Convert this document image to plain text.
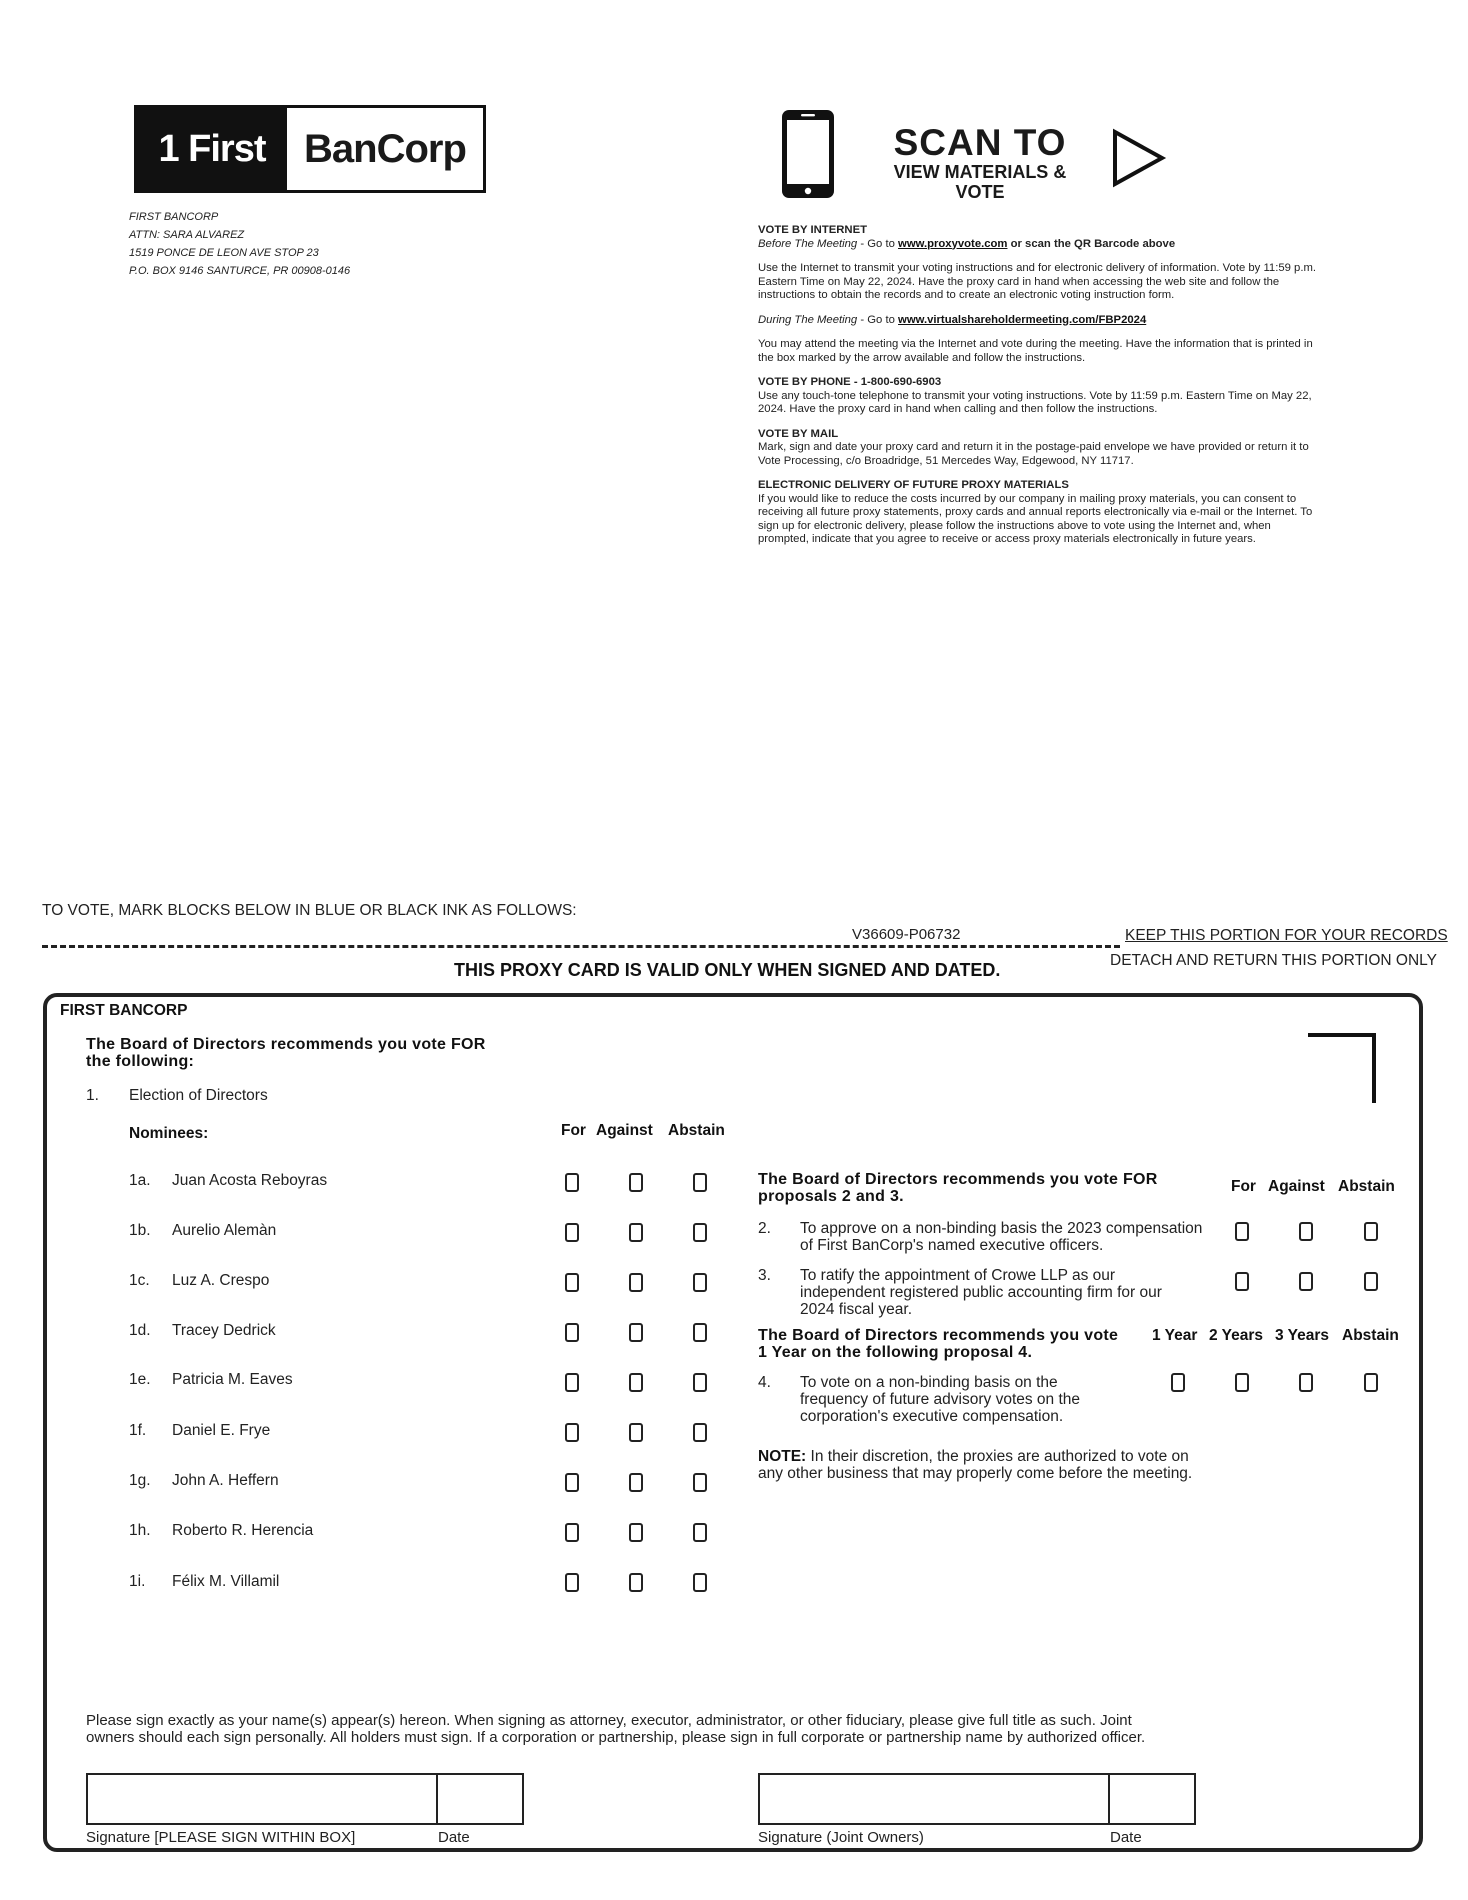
1 First BanCorp
FIRST BANCORP
ATTN: SARA ALVAREZ
1519 PONCE DE LEON AVE STOP 23
P.O. BOX 9146 SANTURCE, PR 00908-0146
SCAN TO
VIEW MATERIALS & VOTE

VOTE BY INTERNET

Before The Meeting - Go to www.proxyvote.com or scan the QR Barcode above

Use the Internet to transmit your voting instructions and for electronic delivery of information. Vote by 11:59 p.m. Eastern Time on May 22, 2024. Have the proxy card in hand when accessing the web site and follow the instructions to obtain the records and to create an electronic voting instruction form.

During The Meeting - Go to www.virtualshareholdermeeting.com/FBP2024

You may attend the meeting via the Internet and vote during the meeting. Have the information that is printed in the box marked by the arrow available and follow the instructions.

VOTE BY PHONE - 1-800-690-6903

Use any touch-tone telephone to transmit your voting instructions. Vote by 11:59 p.m. Eastern Time on May 22, 2024. Have the proxy card in hand when calling and then follow the instructions.

VOTE BY MAIL

Mark, sign and date your proxy card and return it in the postage-paid envelope we have provided or return it to Vote Processing, c/o Broadridge, 51 Mercedes Way, Edgewood, NY 11717.

ELECTRONIC DELIVERY OF FUTURE PROXY MATERIALS

If you would like to reduce the costs incurred by our company in mailing proxy materials, you can consent to receiving all future proxy statements, proxy cards and annual reports electronically via e-mail or the Internet. To sign up for electronic delivery, please follow the instructions above to vote using the Internet and, when prompted, indicate that you agree to receive or access proxy materials electronically in future years.

TO VOTE, MARK BLOCKS BELOW IN BLUE OR BLACK INK AS FOLLOWS:
V36609-P06732	KEEP THIS PORTION FOR YOUR RECORDS
DETACH AND RETURN THIS PORTION ONLY
THIS PROXY CARD IS VALID ONLY WHEN SIGNED AND DATED.
FIRST BANCORP
The Board of Directors recommends you vote FOR
the following:
1. Election of Directors
Nominees:	For Against Abstain
1a. Juan Acosta Reboyras
1b. Aurelio Alemàn
1c. Luz A. Crespo
1d. Tracey Dedrick
1e. Patricia M. Eaves
1f. Daniel E. Frye
1g. John A. Heffern
1h. Roberto R. Herencia
1i. Félix M. Villamil
The Board of Directors recommends you vote FOR
proposals 2 and 3.
For Against Abstain
2. To approve on a non-binding basis the 2023 compensation
of First BanCorp's named executive officers.
3. To ratify the appointment of Crowe LLP as our
independent registered public accounting firm for our
2024 fiscal year.
The Board of Directors recommends you vote
1 Year on the following proposal 4.
1 Year 2 Years 3 Years Abstain
4. To vote on a non-binding basis on the
frequency of future advisory votes on the
corporation's executive compensation.
NOTE: In their discretion, the proxies are authorized to vote on
any other business that may properly come before the meeting.
Please sign exactly as your name(s) appear(s) hereon. When signing as attorney, executor, administrator, or other fiduciary, please give full title as such. Joint
owners should each sign personally. All holders must sign. If a corporation or partnership, please sign in full corporate or partnership name by authorized officer.
Signature [PLEASE SIGN WITHIN BOX]	Date	Signature (Joint Owners)	Date
